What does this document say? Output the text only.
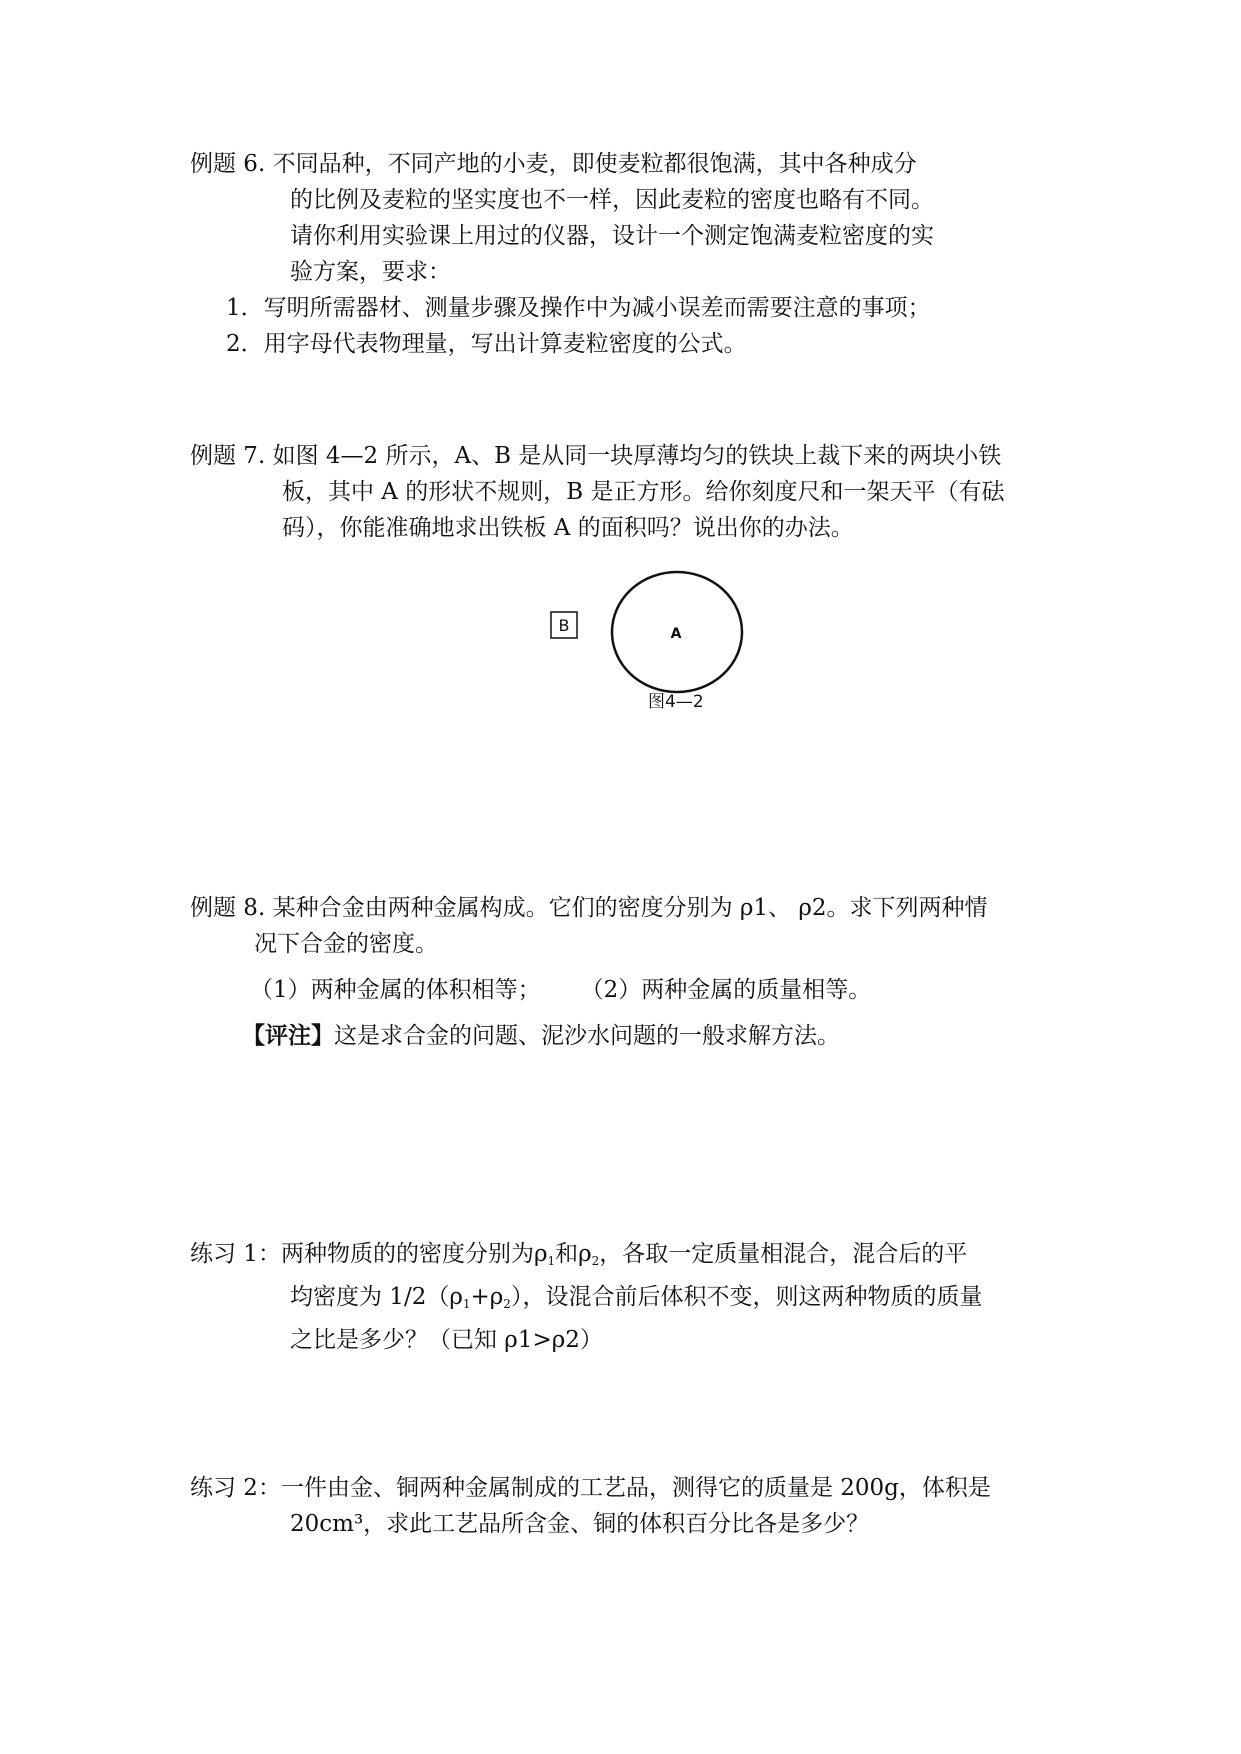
例题 6. 不同品种，不同产地的小麦，即使麦粒都很饱满，其中各种成分
的比例及麦粒的坚实度也不一样，因此麦粒的密度也略有不同。
请你利用实验课上用过的仪器，设计一个测定饱满麦粒密度的实
验方案，要求：
1．写明所需器材、测量步骤及操作中为减小误差而需要注意的事项；
2．用字母代表物理量，写出计算麦粒密度的公式。
例题 7. 如图 4—2 所示，A、B 是从同一块厚薄均匀的铁块上裁下来的两块小铁
板，其中 A 的形状不规则，B 是正方形。给你刻度尺和一架天平（有砝
码），你能准确地求出铁板 A 的面积吗？说出你的办法。
B	A
图4—2
例题 8. 某种合金由两种金属构成。它们的密度分别为 ρ1、 ρ2。求下列两种情
况下合金的密度。
（1）两种金属的体积相等； （2）两种金属的质量相等。
【评注】这是求合金的问题、泥沙水问题的一般求解方法。
练习 1：两种物质的的密度分别为$\rho_1$和$\rho_2$，各取一定质量相混合，混合后的平
均密度为 $1/2(\rho_1+\rho_2)$，设混合前后体积不变，则这两种物质的质量
之比是多少？（已知 ρ1>ρ2）
练习 2：一件由金、铜两种金属制成的工艺品，测得它的质量是 200g，体积是
20cm³，求此工艺品所含金、铜的体积百分比各是多少？
